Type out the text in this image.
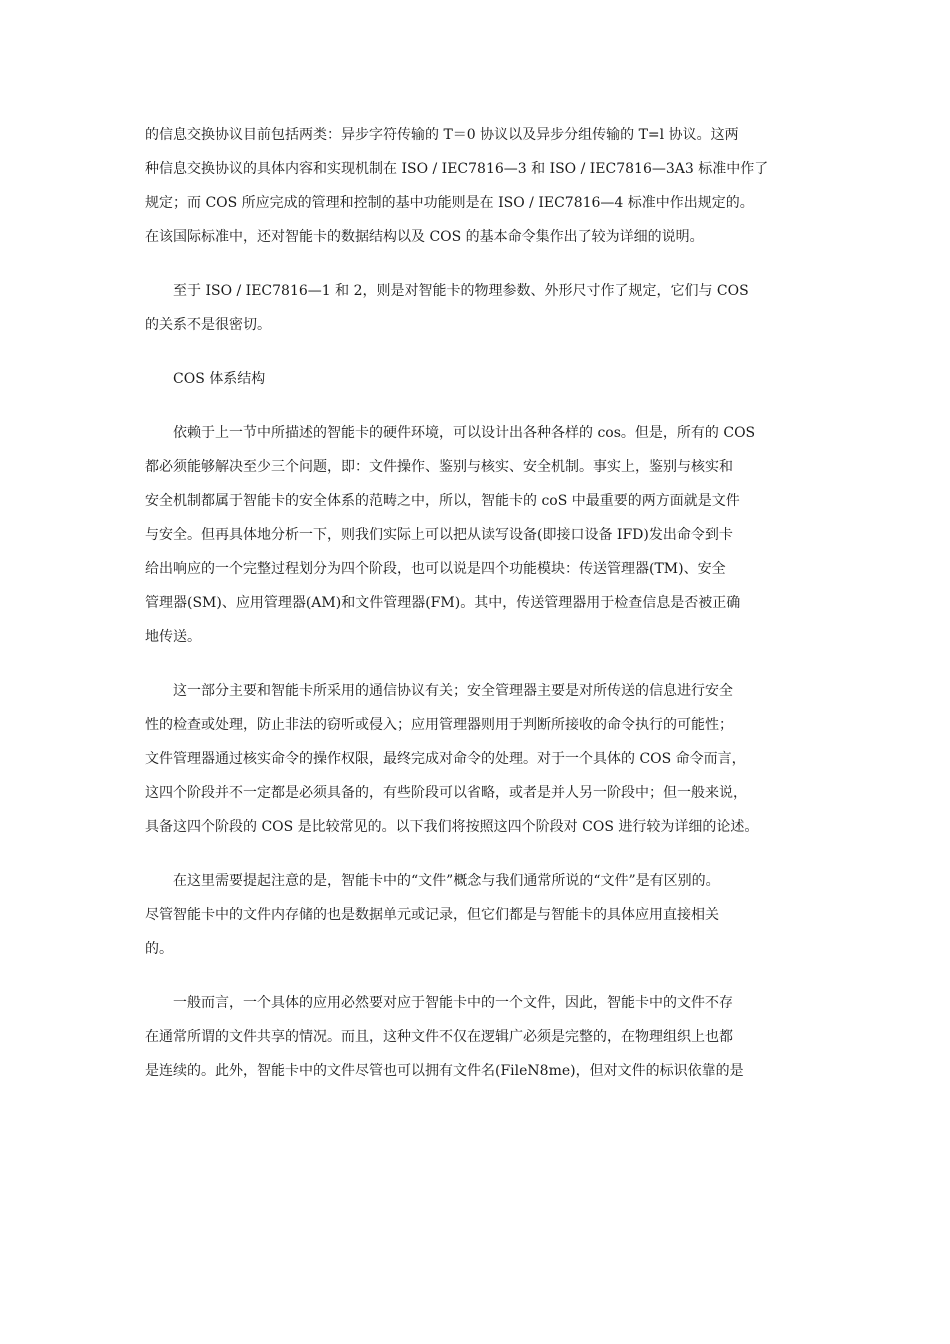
的信息交换协议目前包括两类：异步字符传输的 T＝0 协议以及异步分组传输的 T=l 协议。这两
种信息交换协议的具体内容和实现机制在 ISO / IEC7816—3 和 ISO / IEC7816—3A3 标准中作了
规定；而 COS 所应完成的管理和控制的基中功能则是在 ISO / IEC7816—4 标准中作出规定的。
在该国际标准中，还对智能卡的数据结构以及 COS 的基本命令集作出了较为详细的说明。
至于 ISO / IEC7816—1 和 2，则是对智能卡的物理参数、外形尺寸作了规定，它们与 COS
的关系不是很密切。
COS 体系结构
依赖于上一节中所描述的智能卡的硬件环境，可以设计出各种各样的 cos。但是，所有的 COS
都必须能够解决至少三个问题，即：文件操作、鉴别与核实、安全机制。事实上，鉴别与核实和
安全机制都属于智能卡的安全体系的范畴之中，所以，智能卡的 coS 中最重要的两方面就是文件
与安全。但再具体地分析一下，则我们实际上可以把从读写设备(即接口设备 IFD)发出命令到卡
给出响应的一个完整过程划分为四个阶段，也可以说是四个功能模块：传送管理器(TM)、安全
管理器(SM)、应用管理器(AM)和文件管理器(FM)。其中，传送管理器用于检查信息是否被正确
地传送。
这一部分主要和智能卡所采用的通信协议有关；安全管理器主要是对所传送的信息进行安全
性的检查或处理，防止非法的窃听或侵入；应用管理器则用于判断所接收的命令执行的可能性；
文件管理器通过核实命令的操作权限，最终完成对命令的处理。对于一个具体的 COS 命令而言，
这四个阶段并不一定都是必须具备的，有些阶段可以省略，或者是并人另一阶段中；但一般来说，
具备这四个阶段的 COS 是比较常见的。以下我们将按照这四个阶段对 COS 进行较为详细的论述。
在这里需要提起注意的是，智能卡中的“文件”概念与我们通常所说的“文件”是有区别的。
尽管智能卡中的文件内存储的也是数据单元或记录，但它们都是与智能卡的具体应用直接相关
的。
一般而言，一个具体的应用必然要对应于智能卡中的一个文件，因此，智能卡中的文件不存
在通常所谓的文件共享的情况。而且，这种文件不仅在逻辑广必须是完整的，在物理组织上也都
是连续的。此外，智能卡中的文件尽管也可以拥有文件名(FileN8me)，但对文件的标识依靠的是
